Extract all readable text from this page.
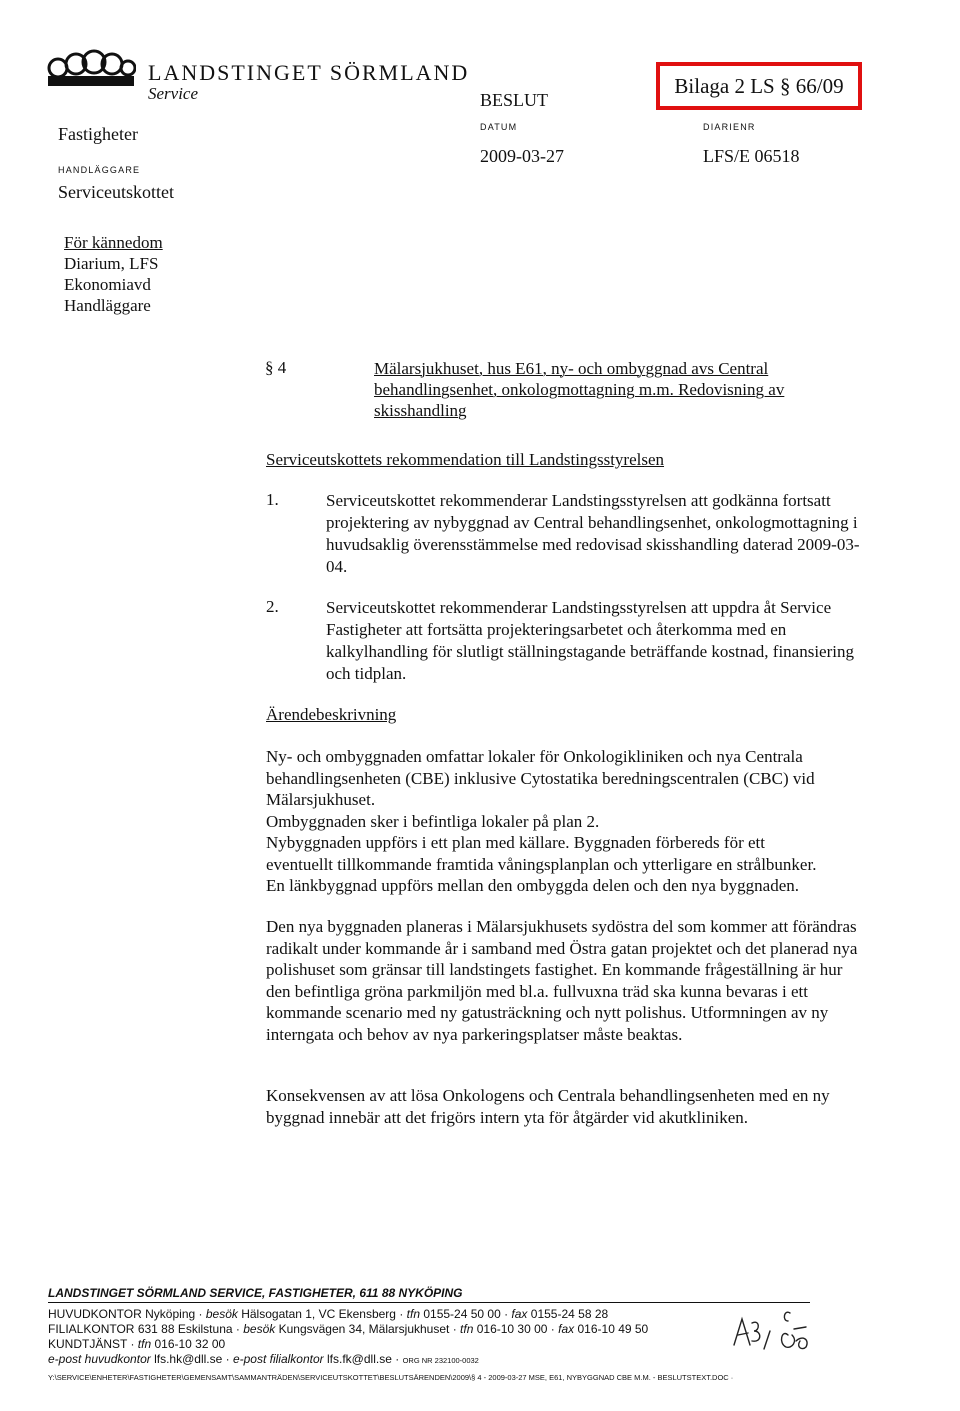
LANDSTINGET SÖRMLAND
Service
Fastigheter
HANDLÄGGARE
Serviceutskottet
BESLUT
DATUM
2009-03-27
Bilaga 2 LS § 66/09
DIARIENR
LFS/E 06518
För kännedom
Diarium, LFS
Ekonomiavd
Handläggare
§ 4	Mälarsjukhuset, hus E61, ny- och ombyggnad avs Central behandlingsenhet, onkologmottagning m.m. Redovisning av skisshandling
Serviceutskottets rekommendation till Landstingsstyrelsen
1.	Serviceutskottet rekommenderar Landstingsstyrelsen att godkänna fortsatt projektering av nybyggnad av Central behandlingsenhet, onkologmottagning i huvudsaklig överensstämmelse med redovisad skisshandling daterad 2009-03-04.
2.	Serviceutskottet rekommenderar Landstingsstyrelsen att uppdra åt Service Fastigheter att fortsätta projekteringsarbetet och återkomma med en kalkylhandling för slutligt ställningstagande beträffande kostnad, finansiering och tidplan.
Ärendebeskrivning
Ny- och ombyggnaden omfattar lokaler för Onkologikliniken och nya Centrala
behandlingsenheten (CBE) inklusive Cytostatika beredningscentralen (CBC) vid
Mälarsjukhuset.
Ombyggnaden sker i befintliga lokaler på plan 2.
Nybyggnaden uppförs i ett plan med källare. Byggnaden förbereds för ett
eventuellt tillkommande framtida våningsplanplan och ytterligare en strålbunker.
En länkbyggnad uppförs mellan den ombyggda delen och den nya byggnaden.
Den nya byggnaden planeras i Mälarsjukhusets sydöstra del som kommer att förändras radikalt under kommande år i samband med Östra gatan projektet och det planerad nya polishuset som gränsar till landstingets fastighet. En kommande frågeställning är hur den befintliga gröna parkmiljön med bl.a. fullvuxna träd ska kunna bevaras i ett kommande scenario med ny gatusträckning och nytt polishus. Utformningen av ny interngata och behov av nya parkeringsplatser måste beaktas.
Konsekvensen av att lösa Onkologens och Centrala behandlingsenheten med en ny byggnad innebär att det frigörs intern yta för åtgärder vid akutkliniken.
LANDSTINGET SÖRMLAND SERVICE, FASTIGHETER, 611 88 NYKÖPING
HUVUDKONTOR Nyköping · besök Hälsogatan 1, VC Ekensberg · tfn 0155-24 50 00 · fax 0155-24 58 28
FILIALKONTOR 631 88 Eskilstuna · besök Kungsvägen 34, Mälarsjukhuset · tfn 016-10 30 00 · fax 016-10 49 50
KUNDTJÄNST · tfn 016-10 32 00
e-post huvudkontor lfs.hk@dll.se · e-post filialkontor lfs.fk@dll.se · ORG NR 232100-0032
Y:\SERVICE\ENHETER\FASTIGHETER\GEMENSAMT\SAMMANTRÄDEN\SERVICEUTSKOTTET\BESLUTSÄRENDEN\2009\§ 4 - 2009-03-27 MSE, E61, NYBYGGNAD CBE M.M. - BESLUTSTEXT.DOC ·
